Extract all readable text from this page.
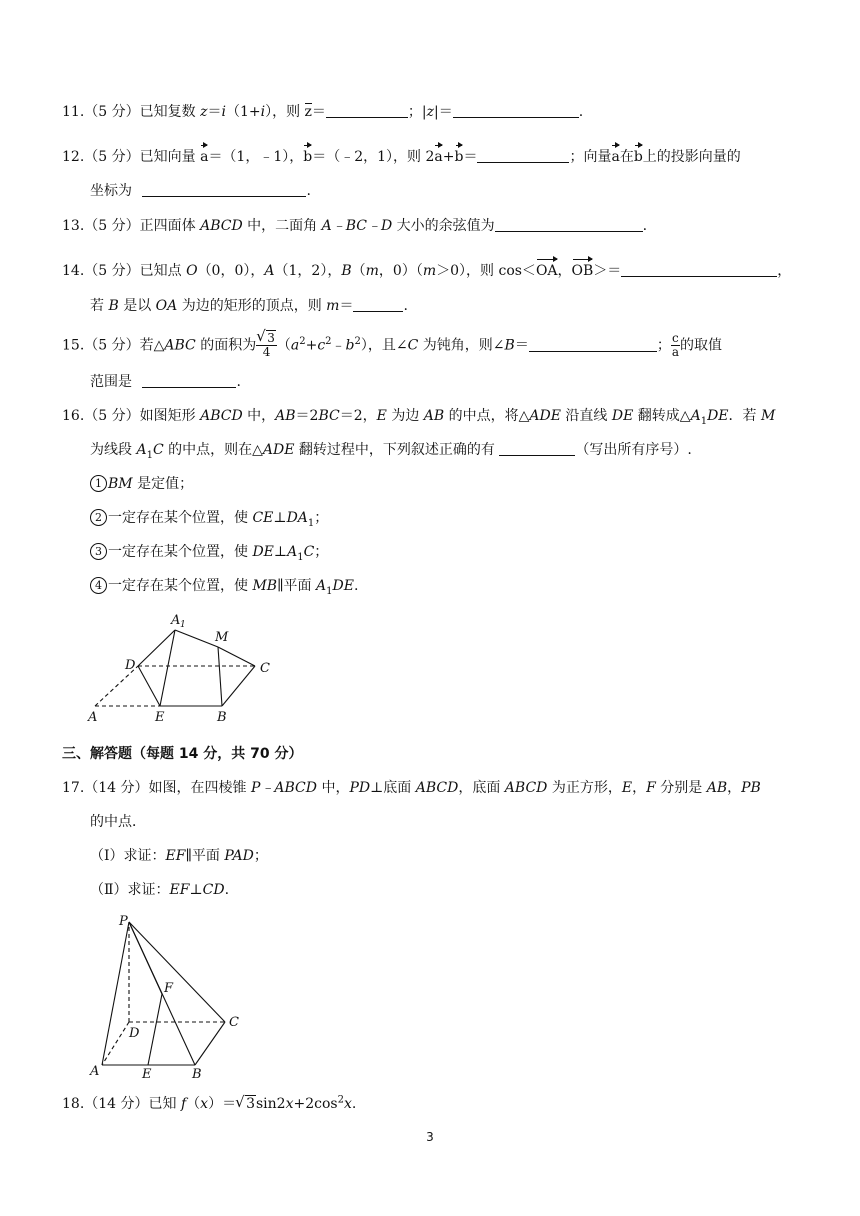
11.（5 分）已知复数 z＝i（1+i），则 z＝	；|z|＝	.
12.（5 分）已知向量 a＝（1，﹣1），b＝（﹣2，1），则 2a+b＝	；向量a在b上的投影向量的
坐标为	.
13.（5 分）正四面体 ABCD 中，二面角 A﹣BC﹣D 大小的余弦值为	.
14.（5 分）已知点 O（0，0），A（1，2），B（m，0）（m＞0），则 cos＜OA，OB＞＝	，
若 B 是以 OA 为边的矩形的顶点，则 m＝	.
15.（5 分）若△ABC 的面积为 √ $\frac{3}{4}$ $(a^2+c^2﹣b^2)$，且∠C 为钝角，则∠B＝	； $\frac{c}{a}$ 的取值
范围是	.
16.（5 分）如图矩形 ABCD 中，AB＝2BC＝2，E 为边 AB 的中点，将△ADE 沿直线 DE 翻转成$\triangle A_1DE$．若 M
为线段 $A_1C$ 的中点，则在△ADE 翻转过程中，下列叙述正确的有	（写出所有序号）.
1 BM 是定值；
2 一定存在某个位置，使 $CE\perp DA_1$；
3 一定存在某个位置，使 $DE\perp A_1C$；
4 一定存在某个位置，使 MB∥平面 $A_1DE$.
A 1
M
D	C
A	E	B
三、解答题（每题 14 分，共 70 分）
17.（14 分）如图，在四棱锥 P﹣ABCD 中，PD⊥底面 ABCD，底面 ABCD 为正方形，E，F 分别是 AB，PB
的中点．
（Ⅰ）求证：EF∥平面 PAD；
（Ⅱ）求证：EF⊥CD.
P
F
D
C
A	E	B
18.（14 分）已知 f（x）＝ √ $3\sin 2x+2\cos^2x$.
3
